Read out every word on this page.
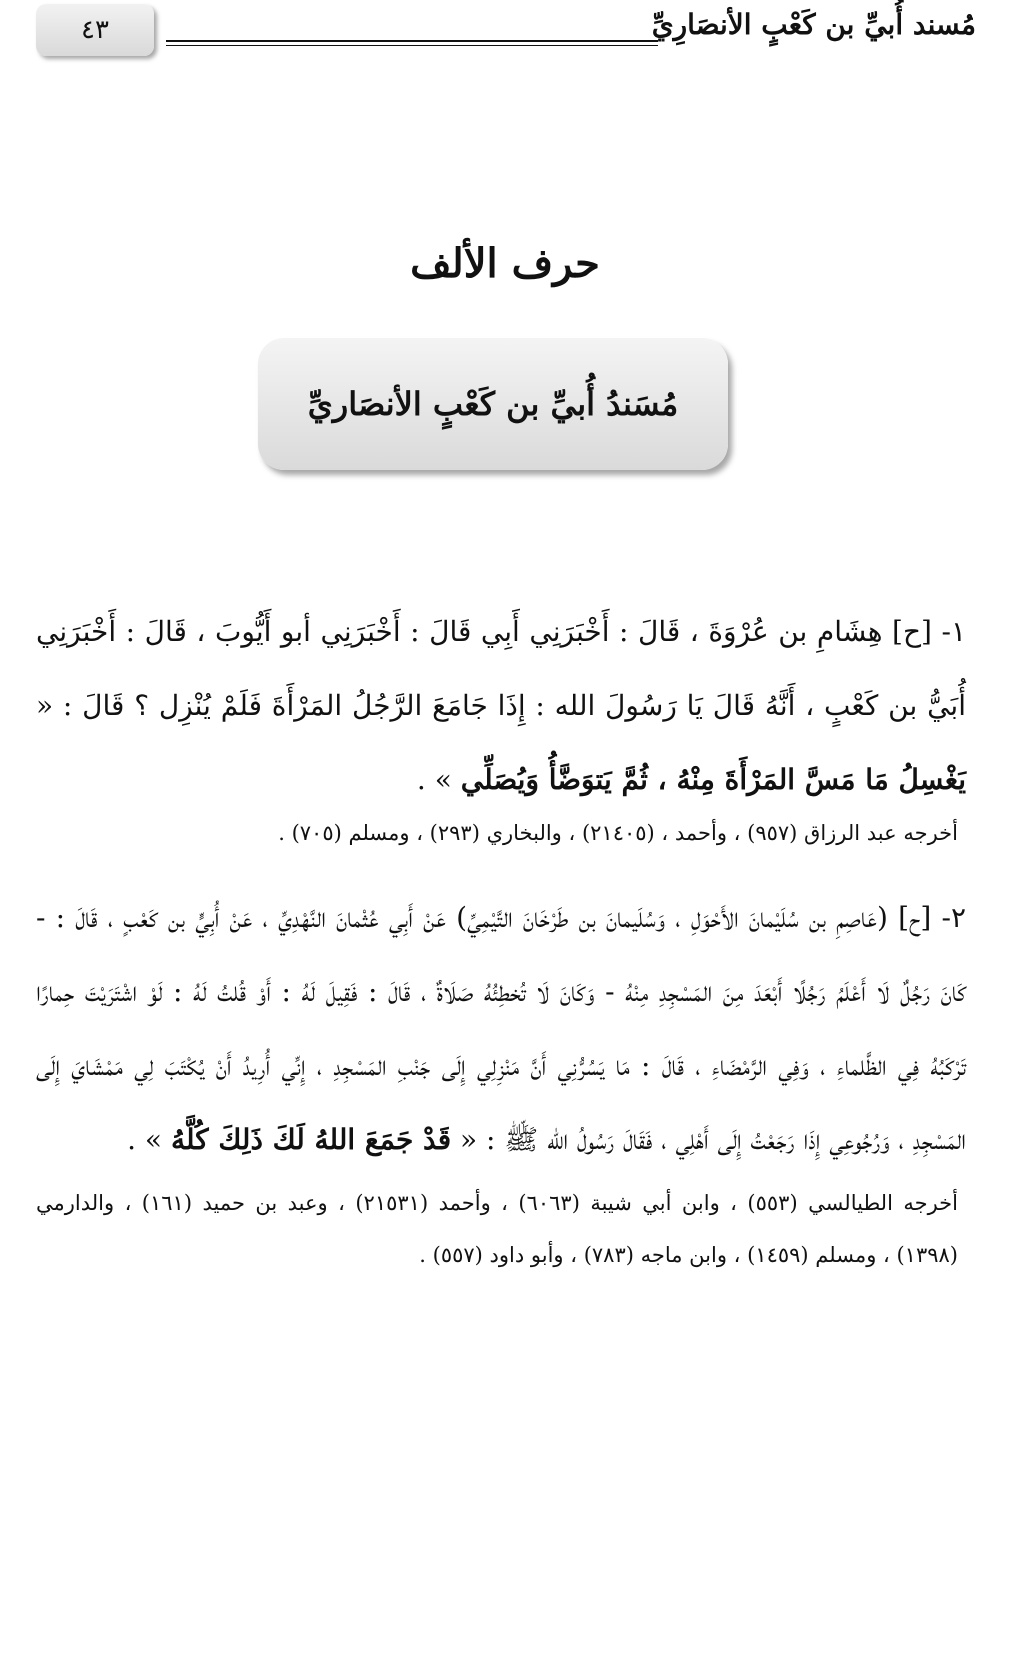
٤٣	مُسند أُبيِّ بن كَعْبٍ الأنصَارِيِّ
حرف الألف
مُسَندُ أُبيِّ بن كَعْبٍ الأنصَاريِّ

١- [ح] هِشَامِ بن عُرْوَةَ ، قَالَ : أَخْبَرَنِي أَبِي قَالَ : أَخْبَرَنِي أبو أَيُّوبَ ، قَالَ : أَخْبَرَنِي أُبَيُّ بن كَعْبٍ ، أَنَّهُ قَالَ يَا رَسُولَ الله : إِذَا جَامَعَ الرَّجُلُ المَرْأَةَ فَلَمْ يُنْزِل ؟ قَالَ : « يَغْسِلُ مَا مَسَّ المَرْأَةَ مِنْهُ ، ثُمَّ يَتوَضَّأُ وَيُصَلِّي » .

أخرجه عبد الرزاق (٩٥٧) ، وأحمد ، (٢١٤٠٥) ، والبخاري (٢٩٣) ، ومسلم (٧٠٥) .

٢- [ح] (عَاصِمِ بن سُلَيْمانَ الأَحْوَلِ ، وَسُلَيمانَ بن طَرْخَانَ التَّيْمِيِّ) عَنْ أَبِي عُثْمانَ النَّهْدِيِّ ، عَنْ أُبِيٍّ بن كَعْبٍ ، قَالَ : - كَانَ رَجُلٌ لَا أَعْلَمُ رَجُلًا أَبْعَدَ مِنَ المَسْجِدِ مِنْهُ - وَكَانَ لَا تُخطِئُهُ صَلَاةٌ ، قَالَ : فَقِيلَ لَهُ : أَوْ قُلتُ لَهُ : لَوْ اشْتَرَيْتَ حِمارًا تَرْكَبُهُ فِي الظَّلماءِ ، وَفِي الرَّمْضَاءِ ، قَالَ : مَا يَسُرُّنِي أَنَّ مَنْزِلِي إِلَى جَنْبِ المَسْجِدِ ، إِنِّي أُرِيدُ أَنْ يُكْتَبَ لِي مَمْشَايَ إِلَى المَسْجِدِ ، وَرُجُوعِي إِذَا رَجَعْتُ إِلَى أَهْلِي ، فَقَالَ رَسُولُ الله ﷺ : « قَدْ جَمَعَ اللهُ لَكَ ذَلِكَ كُلَّهُ » .

أخرجه الطيالسي (٥٥٣) ، وابن أبي شيبة (٦٠٦٣) ، وأحمد (٢١٥٣١) ، وعبد بن حميد (١٦١) ، والدارمي (١٣٩٨) ، ومسلم (١٤٥٩) ، وابن ماجه (٧٨٣) ، وأبو داود (٥٥٧) .
